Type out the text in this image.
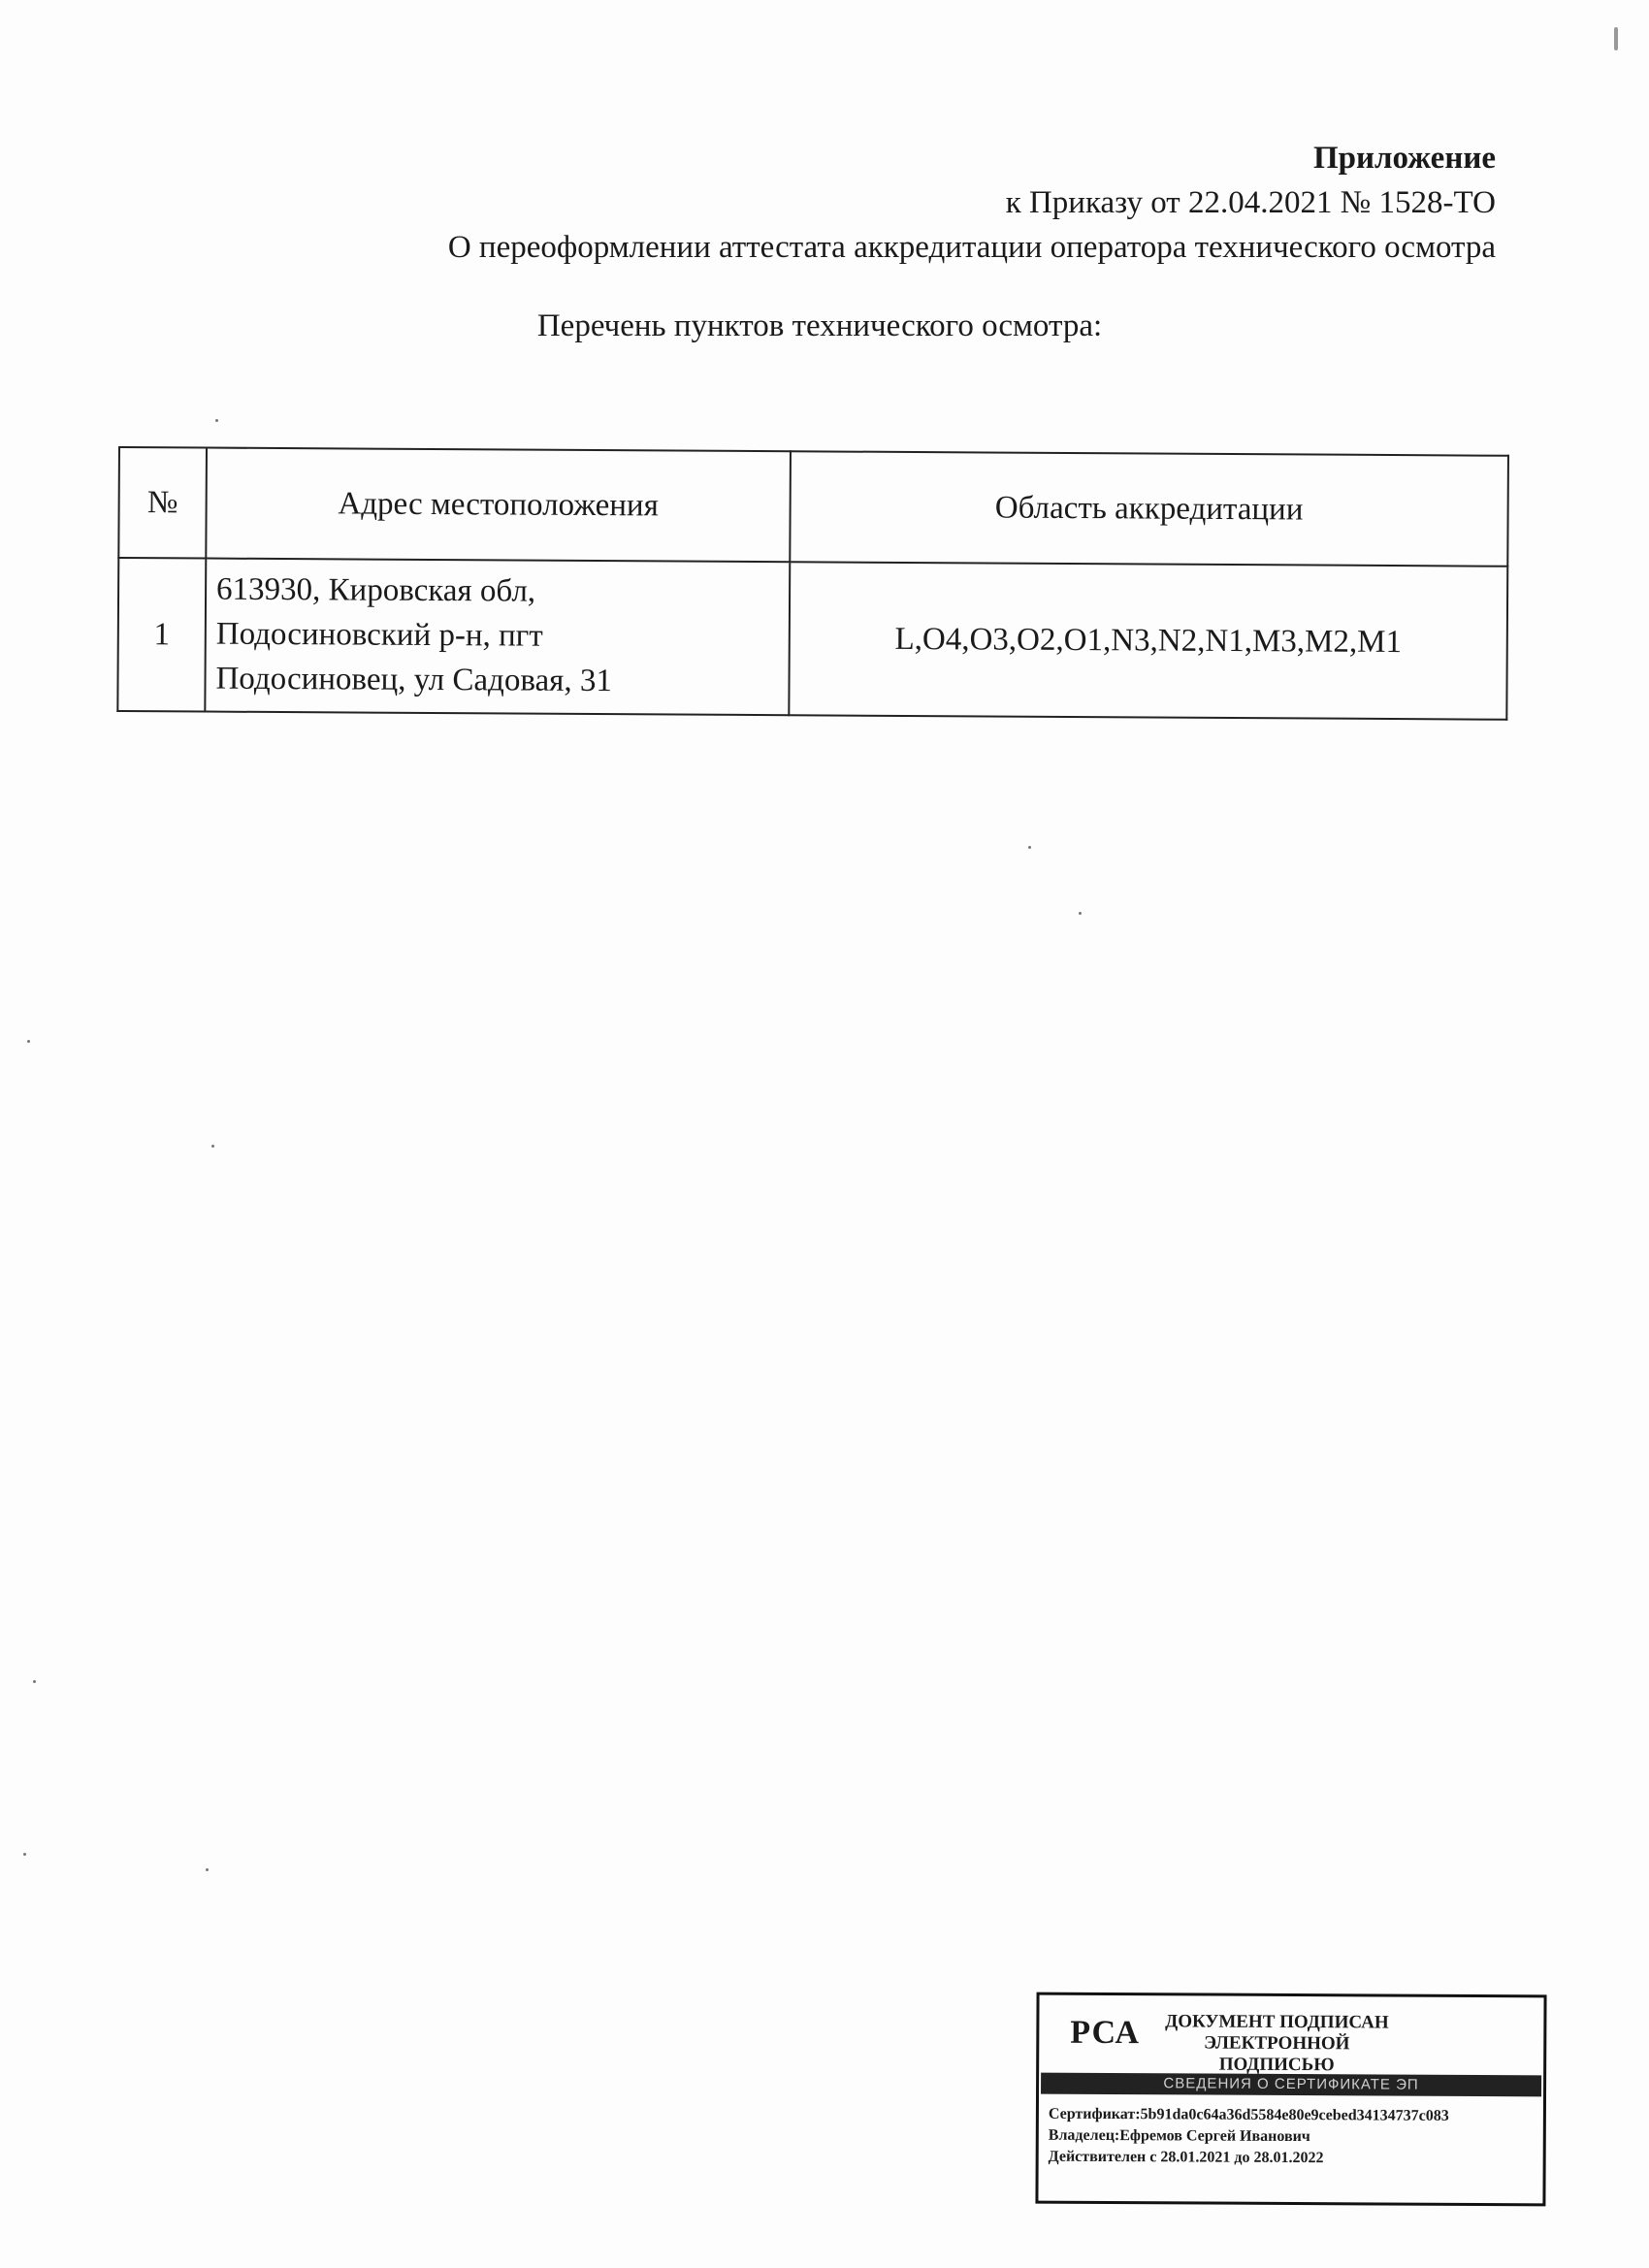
Приложение
к Приказу от 22.04.2021 № 1528-ТО
О переоформлении аттестата аккредитации оператора технического осмотра
Перечень пунктов технического осмотра:
№	Адрес местоположения	Область аккредитации
1	613930, Кировская обл,
Подосиновский р-н, пгт
Подосиновец, ул Садовая, 31	L,O4,O3,O2,O1,N3,N2,N1,M3,M2,M1
РСА	ДОКУМЕНТ ПОДПИСАН
ЭЛЕКТРОННОЙ ПОДПИСЬЮ
СВЕДЕНИЯ О СЕРТИФИКАТЕ ЭП
Сертификат:5b91da0c64a36d5584e80e9cebed34134737c083
Владелец:Ефремов Сергей Иванович
Действителен с 28.01.2021 до 28.01.2022
